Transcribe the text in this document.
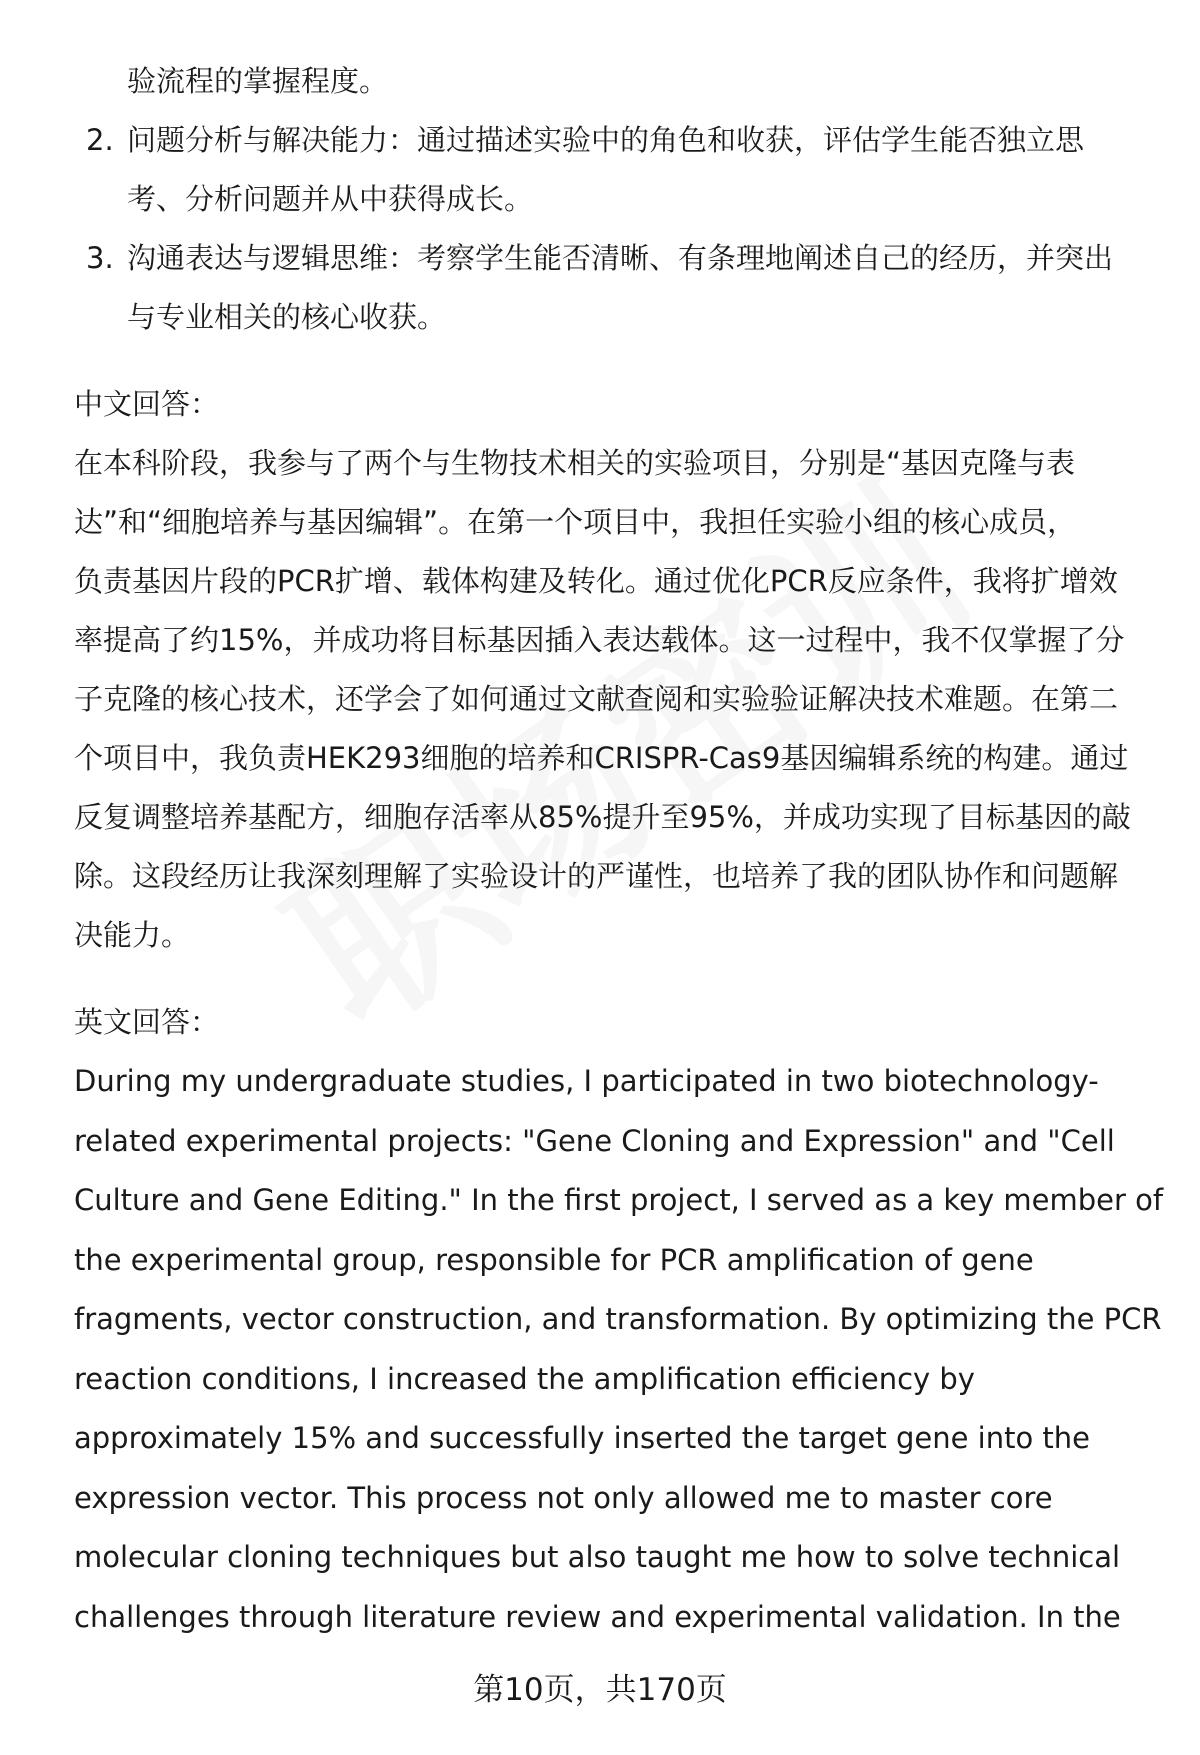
验流程的掌握程度。
2. 问题分析与解决能力：通过描述实验中的角色和收获，评估学生能否独立思
考、分析问题并从中获得成长。
3. 沟通表达与逻辑思维：考察学生能否清晰、有条理地阐述自己的经历，并突出
与专业相关的核心收获。
中文回答：
在本科阶段，我参与了两个与生物技术相关的实验项目，分别是“基因克隆与表
达”和“细胞培养与基因编辑”。在第一个项目中，我担任实验小组的核心成员，
负责基因片段的PCR扩增、载体构建及转化。通过优化PCR反应条件，我将扩增效
率提高了约15%，并成功将目标基因插入表达载体。这一过程中，我不仅掌握了分
子克隆的核心技术，还学会了如何通过文献查阅和实验验证解决技术难题。在第二
个项目中，我负责HEK293细胞的培养和CRISPR-Cas9基因编辑系统的构建。通过
反复调整培养基配方，细胞存活率从85%提升至95%，并成功实现了目标基因的敲
除。这段经历让我深刻理解了实验设计的严谨性，也培养了我的团队协作和问题解
决能力。
英文回答：
During my undergraduate studies, I participated in two biotechnology-
related experimental projects: "Gene Cloning and Expression" and "Cell
Culture and Gene Editing." In the first project, I served as a key member of
the experimental group, responsible for PCR amplification of gene
fragments, vector construction, and transformation. By optimizing the PCR
reaction conditions, I increased the amplification efficiency by
approximately 15% and successfully inserted the target gene into the
expression vector. This process not only allowed me to master core
molecular cloning techniques but also taught me how to solve technical
challenges through literature review and experimental validation. In the
第10页，共170页
